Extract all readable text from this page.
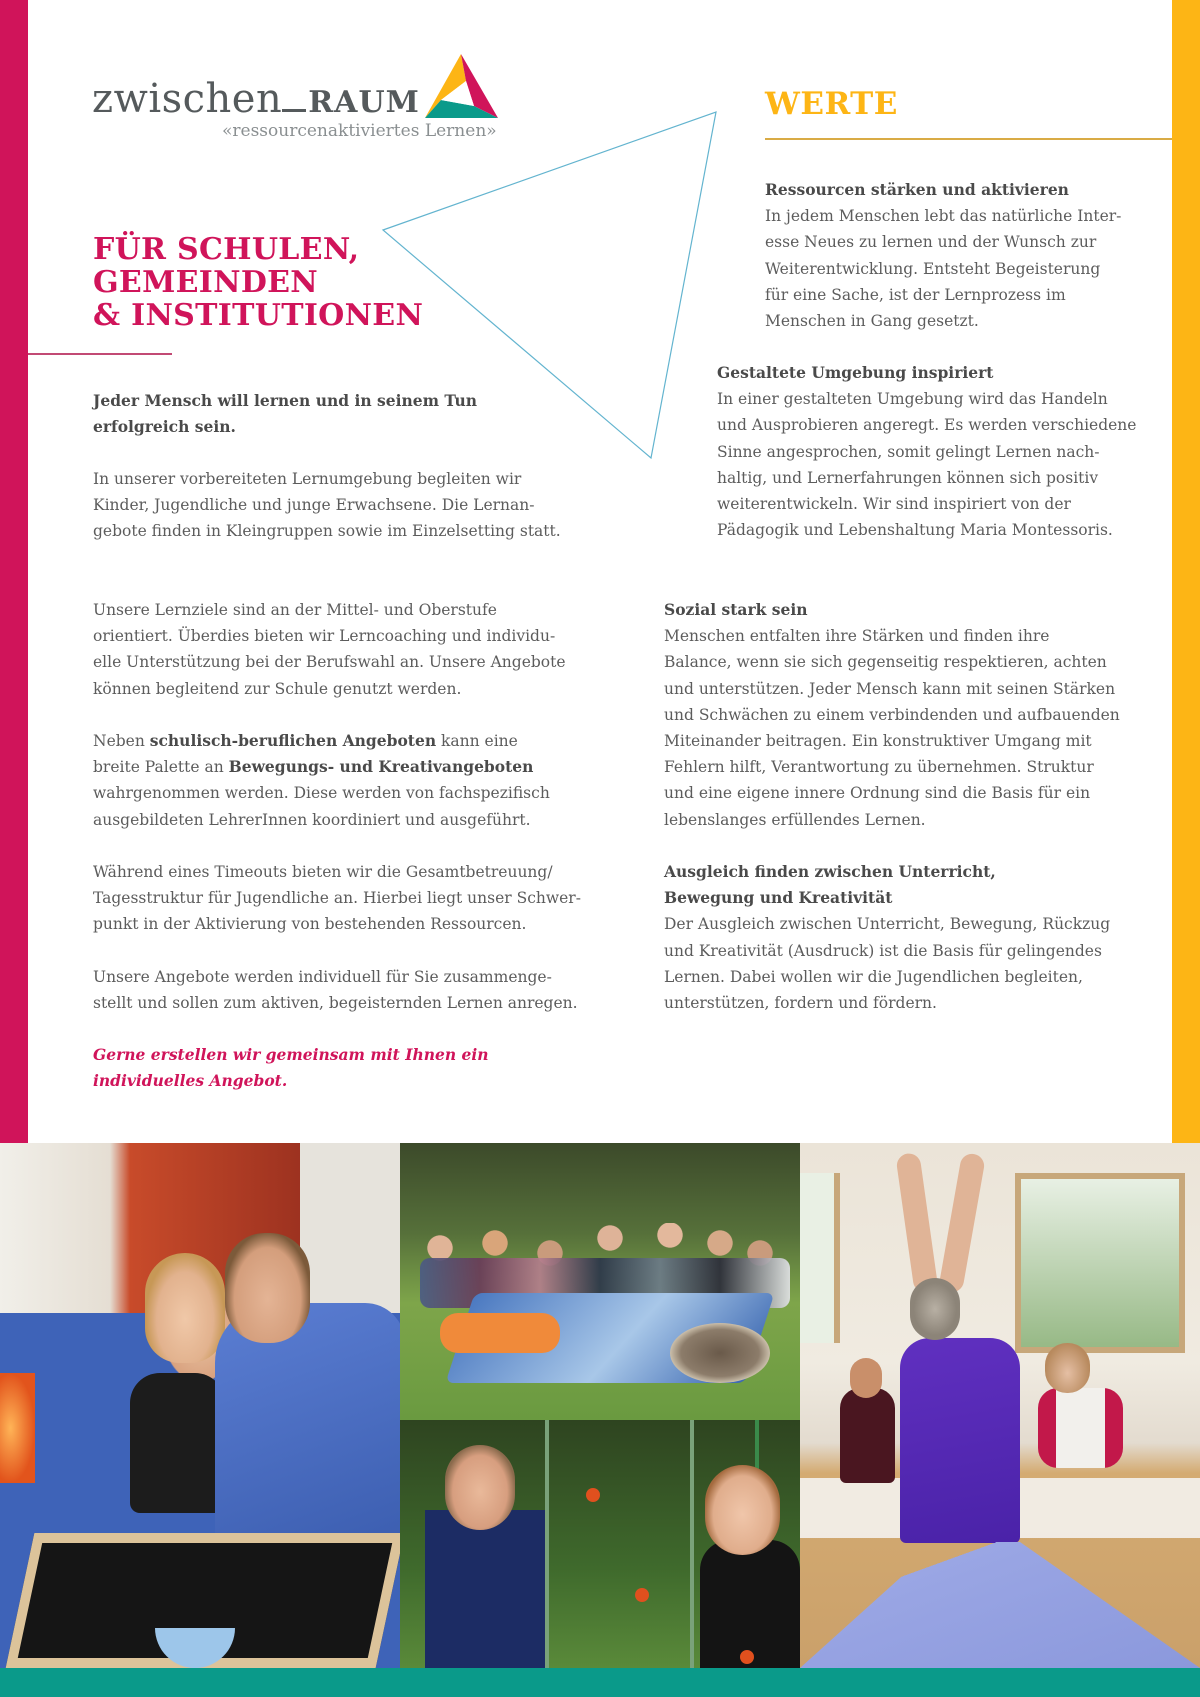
zwischen RAUM
«ressourcenaktiviertes Lernen»
FÜR SCHULEN,
GEMEINDEN
& INSTITUTIONEN
Jeder Mensch will lernen und in seinem Tun
erfolgreich sein.
In unserer vorbereiteten Lernumgebung begleiten wir
Kinder, Jugendliche und junge Erwachsene. Die Lernan-
gebote finden in Kleingruppen sowie im Einzelsetting statt.
Unsere Lernziele sind an der Mittel- und Oberstufe
orientiert. Überdies bieten wir Lerncoaching und individu-
elle Unterstützung bei der Berufswahl an. Unsere Angebote
können begleitend zur Schule genutzt werden.
Neben schulisch-beruflichen Angeboten kann eine
breite Palette an Bewegungs- und Kreativangeboten
wahrgenommen werden. Diese werden von fachspezifisch
ausgebildeten LehrerInnen koordiniert und ausgeführt.
Während eines Timeouts bieten wir die Gesamtbetreuung/
Tagesstruktur für Jugendliche an. Hierbei liegt unser Schwer-
punkt in der Aktivierung von bestehenden Ressourcen.
Unsere Angebote werden individuell für Sie zusammenge-
stellt und sollen zum aktiven, begeisternden Lernen anregen.
Gerne erstellen wir gemeinsam mit Ihnen ein
individuelles Angebot.
WERTE
Ressourcen stärken und aktivieren
In jedem Menschen lebt das natürliche Inter-
esse Neues zu lernen und der Wunsch zur
Weiterentwicklung. Entsteht Begeisterung
für eine Sache, ist der Lernprozess im
Menschen in Gang gesetzt.
Gestaltete Umgebung inspiriert
In einer gestalteten Umgebung wird das Handeln
und Ausprobieren angeregt. Es werden verschiedene
Sinne angesprochen, somit gelingt Lernen nach-
haltig, und Lernerfahrungen können sich positiv
weiterentwickeln. Wir sind inspiriert von der
Pädagogik und Lebenshaltung Maria Montessoris.
Sozial stark sein
Menschen entfalten ihre Stärken und finden ihre
Balance, wenn sie sich gegenseitig respektieren, achten
und unterstützen. Jeder Mensch kann mit seinen Stärken
und Schwächen zu einem verbindenden und aufbauenden
Miteinander beitragen. Ein konstruktiver Umgang mit
Fehlern hilft, Verantwortung zu übernehmen. Struktur
und eine eigene innere Ordnung sind die Basis für ein
lebenslanges erfüllendes Lernen.
Ausgleich finden zwischen Unterricht,
Bewegung und Kreativität
Der Ausgleich zwischen Unterricht, Bewegung, Rückzug
und Kreativität (Ausdruck) ist die Basis für gelingendes
Lernen. Dabei wollen wir die Jugendlichen begleiten,
unterstützen, fordern und fördern.
